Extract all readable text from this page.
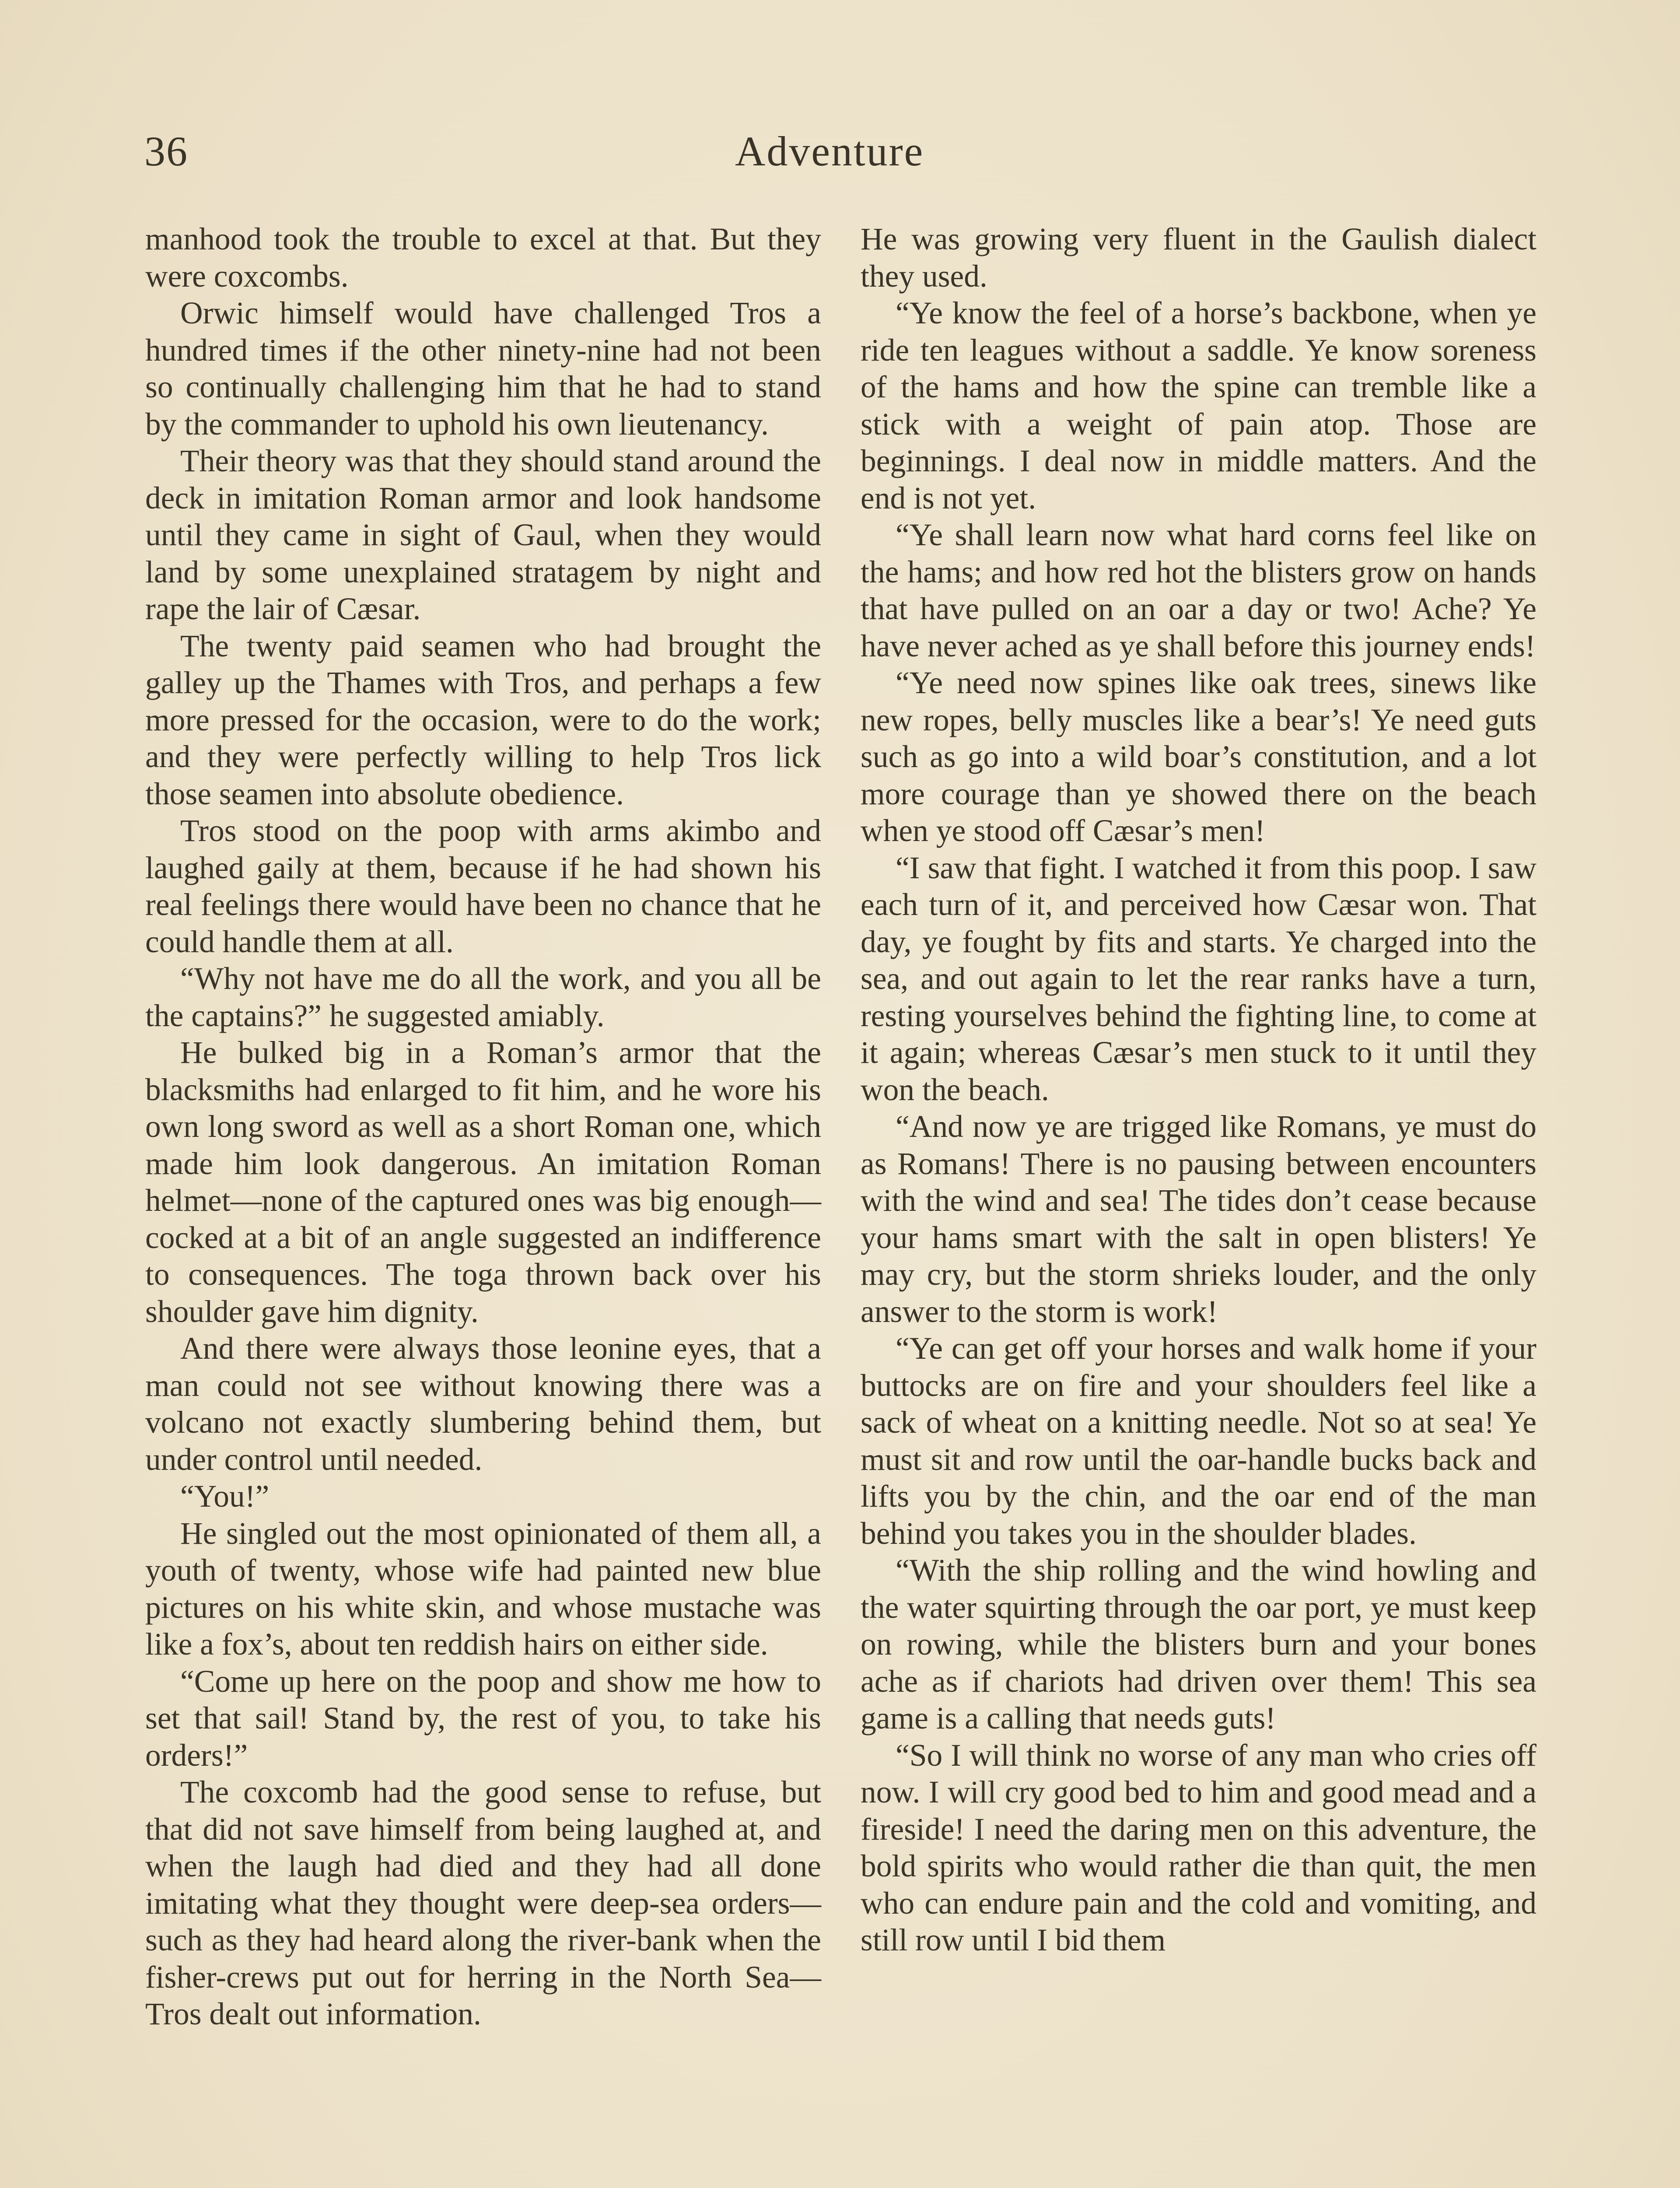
36	Adventure

manhood took the trouble to excel at that. But they were coxcombs.

Orwic himself would have challenged Tros a hundred times if the other ninety-nine had not been so continually challenging him that he had to stand by the commander to uphold his own lieutenancy.

Their theory was that they should stand around the deck in imitation Roman armor and look handsome until they came in sight of Gaul, when they would land by some unexplained stratagem by night and rape the lair of Cæsar.

The twenty paid seamen who had brought the galley up the Thames with Tros, and perhaps a few more pressed for the occasion, were to do the work; and they were perfectly willing to help Tros lick those seamen into absolute obedience.

Tros stood on the poop with arms akimbo and laughed gaily at them, because if he had shown his real feelings there would have been no chance that he could handle them at all.

“Why not have me do all the work, and you all be the captains?” he suggested amiably.

He bulked big in a Roman’s armor that the blacksmiths had enlarged to fit him, and he wore his own long sword as well as a short Roman one, which made him look dangerous. An imitation Roman helmet—none of the captured ones was big enough—cocked at a bit of an angle suggested an indifference to consequences. The toga thrown back over his shoulder gave him dignity.

And there were always those leonine eyes, that a man could not see without knowing there was a volcano not exactly slumbering behind them, but under control until needed.

“You!”

He singled out the most opinionated of them all, a youth of twenty, whose wife had painted new blue pictures on his white skin, and whose mustache was like a fox’s, about ten reddish hairs on either side.

“Come up here on the poop and show me how to set that sail! Stand by, the rest of you, to take his orders!”

The coxcomb had the good sense to refuse, but that did not save himself from being laughed at, and when the laugh had died and they had all done imitating what they thought were deep-sea orders—such as they had heard along the river-bank when the fisher-crews put out for herring in the North Sea—Tros dealt out information.

He was growing very fluent in the Gaulish dialect they used.

“Ye know the feel of a horse’s backbone, when ye ride ten leagues without a saddle. Ye know soreness of the hams and how the spine can tremble like a stick with a weight of pain atop. Those are beginnings. I deal now in middle matters. And the end is not yet.

“Ye shall learn now what hard corns feel like on the hams; and how red hot the blisters grow on hands that have pulled on an oar a day or two! Ache? Ye have never ached as ye shall before this journey ends!

“Ye need now spines like oak trees, sinews like new ropes, belly muscles like a bear’s! Ye need guts such as go into a wild boar’s constitution, and a lot more courage than ye showed there on the beach when ye stood off Cæsar’s men!

“I saw that fight. I watched it from this poop. I saw each turn of it, and perceived how Cæsar won. That day, ye fought by fits and starts. Ye charged into the sea, and out again to let the rear ranks have a turn, resting yourselves behind the fighting line, to come at it again; whereas Cæsar’s men stuck to it until they won the beach.

“And now ye are trigged like Romans, ye must do as Romans! There is no pausing between encounters with the wind and sea! The tides don’t cease because your hams smart with the salt in open blisters! Ye may cry, but the storm shrieks louder, and the only answer to the storm is work!

“Ye can get off your horses and walk home if your buttocks are on fire and your shoulders feel like a sack of wheat on a knitting needle. Not so at sea! Ye must sit and row until the oar-handle bucks back and lifts you by the chin, and the oar end of the man behind you takes you in the shoulder blades.

“With the ship rolling and the wind howling and the water squirting through the oar port, ye must keep on rowing, while the blisters burn and your bones ache as if chariots had driven over them! This sea game is a calling that needs guts!

“So I will think no worse of any man who cries off now. I will cry good bed to him and good mead and a fireside! I need the daring men on this adventure, the bold spirits who would rather die than quit, the men who can endure pain and the cold and vomiting, and still row until I bid them
